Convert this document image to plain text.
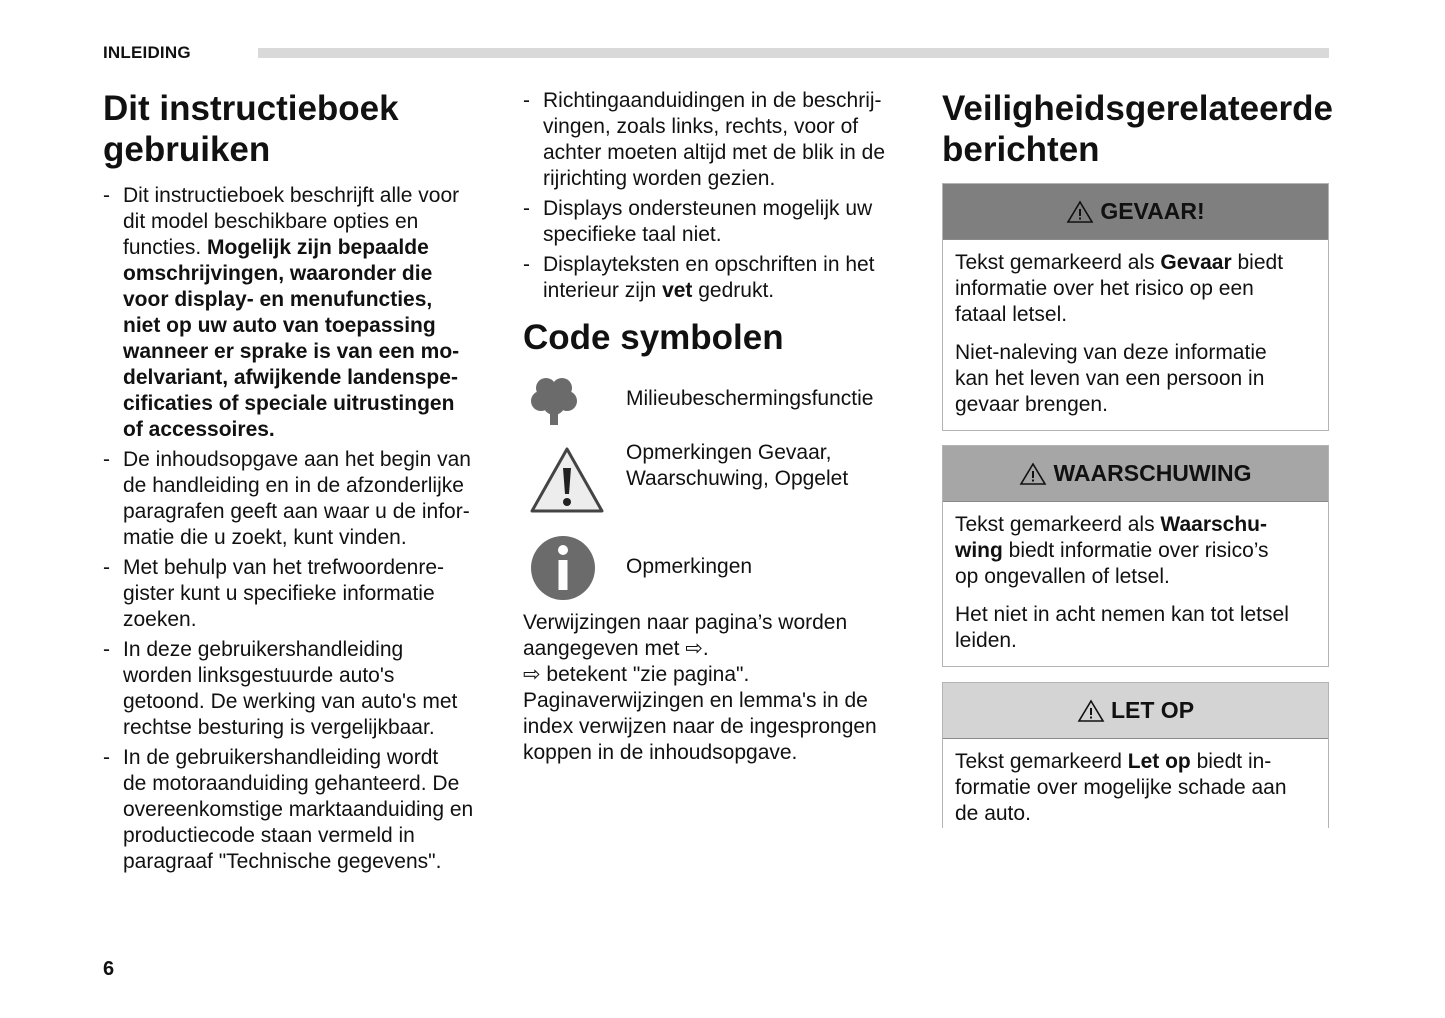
INLEIDING
Dit instructieboek
gebruiken
- Dit instructieboek beschrijft alle voor
dit model beschikbare opties en
functies. Mogelijk zijn bepaalde
omschrijvingen, waaronder die
voor display- en menufuncties,
niet op uw auto van toepassing
wanneer er sprake is van een mo-
delvariant, afwijkende landenspe-
cificaties of speciale uitrustingen
of accessoires.
- De inhoudsopgave aan het begin van
de handleiding en in de afzonderlijke
paragrafen geeft aan waar u de infor-
matie die u zoekt, kunt vinden.
- Met behulp van het trefwoordenre-
gister kunt u specifieke informatie
zoeken.
- In deze gebruikershandleiding
worden linksgestuurde auto's
getoond. De werking van auto's met
rechtse besturing is vergelijkbaar.
- In de gebruikershandleiding wordt
de motoraanduiding gehanteerd. De
overeenkomstige marktaanduiding en
productiecode staan vermeld in
paragraaf "Technische gegevens".
- Richtingaanduidingen in de beschrij-
vingen, zoals links, rechts, voor of
achter moeten altijd met de blik in de
rijrichting worden gezien.
- Displays ondersteunen mogelijk uw
specifieke taal niet.
- Displayteksten en opschriften in het
interieur zijn vet gedrukt.
Code symbolen
Milieubeschermingsfunctie
Opmerkingen Gevaar,
Waarschuwing, Opgelet
Opmerkingen
Verwijzingen naar pagina’s worden
aangegeven met ⇨.
⇨ betekent "zie pagina".
Paginaverwijzingen en lemma's in de
index verwijzen naar de ingesprongen
koppen in de inhoudsopgave.
Veiligheidsgerelateerde
berichten
GEVAAR!

Tekst gemarkeerd als Gevaar biedt
informatie over het risico op een
fataal letsel.

Niet-naleving van deze informatie
kan het leven van een persoon in
gevaar brengen.

WAARSCHUWING

Tekst gemarkeerd als Waarschu-
wing biedt informatie over risico’s
op ongevallen of letsel.

Het niet in acht nemen kan tot letsel
leiden.

LET OP

Tekst gemarkeerd Let op biedt in-
formatie over mogelijke schade aan
de auto.

6
